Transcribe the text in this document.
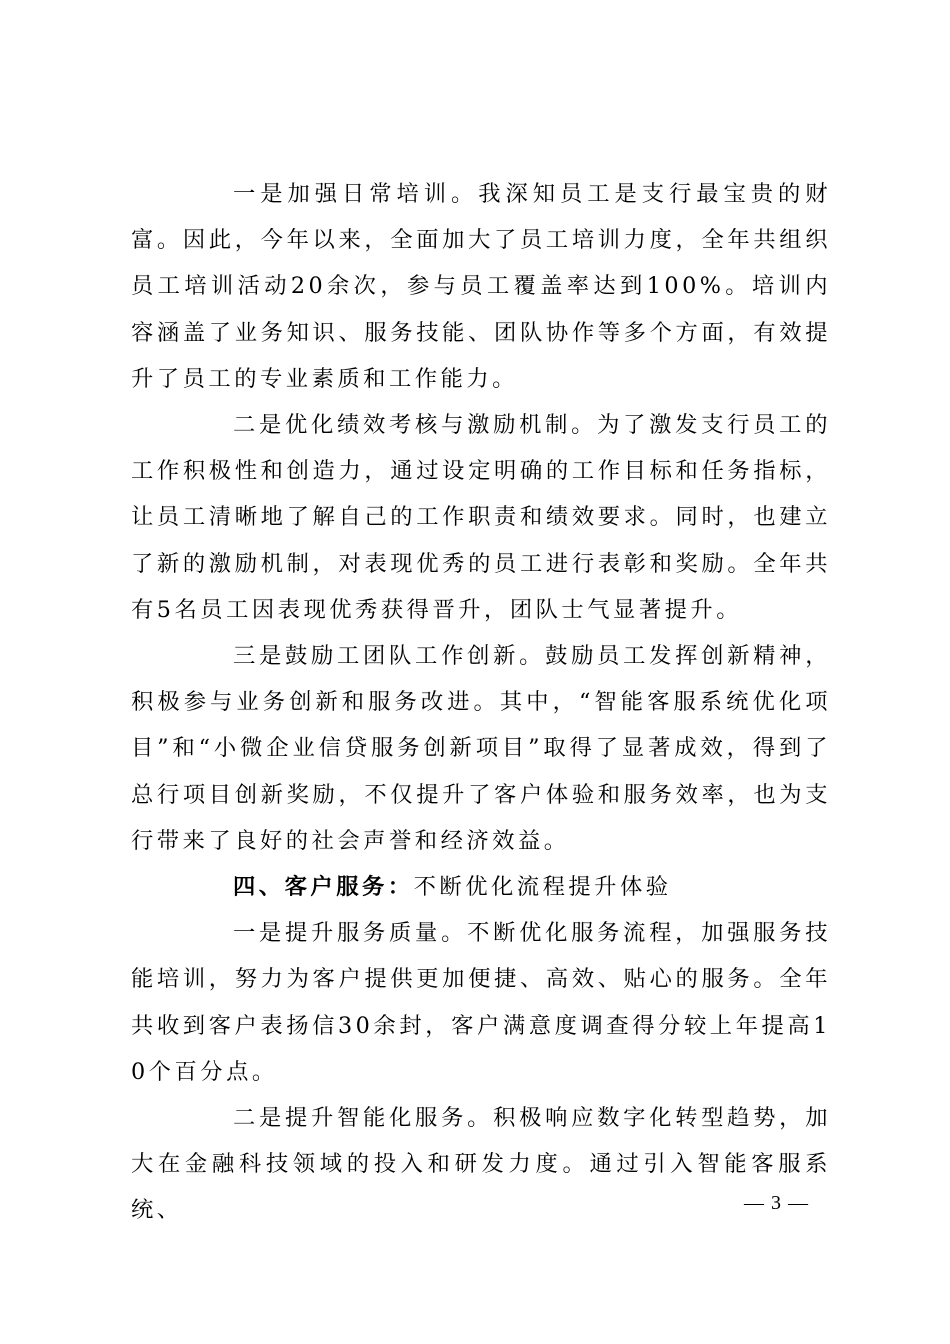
一是加强日常培训。我深知员工是支行最宝贵的财富。因此，今年以来，全面加大了员工培训力度，全年共组织员工培训活动20余次，参与员工覆盖率达到100%。培训内容涵盖了业务知识、服务技能、团队协作等多个方面，有效提升了员工的专业素质和工作能力。

二是优化绩效考核与激励机制。为了激发支行员工的工作积极性和创造力，通过设定明确的工作目标和任务指标，让员工清晰地了解自己的工作职责和绩效要求。同时，也建立了新的激励机制，对表现优秀的员工进行表彰和奖励。全年共有5名员工因表现优秀获得晋升，团队士气显著提升。

三是鼓励工团队工作创新。鼓励员工发挥创新精神，积极参与业务创新和服务改进。其中，“智能客服系统优化项目”和“小微企业信贷服务创新项目”取得了显著成效，得到了总行项目创新奖励，不仅提升了客户体验和服务效率，也为支行带来了良好的社会声誉和经济效益。

四、客户服务：不断优化流程提升体验

一是提升服务质量。不断优化服务流程，加强服务技能培训，努力为客户提供更加便捷、高效、贴心的服务。全年共收到客户表扬信30余封，客户满意度调查得分较上年提高10个百分点。

二是提升智能化服务。积极响应数字化转型趋势，加大在金融科技领域的投入和研发力度。通过引入智能客服系统、	— 3 —
